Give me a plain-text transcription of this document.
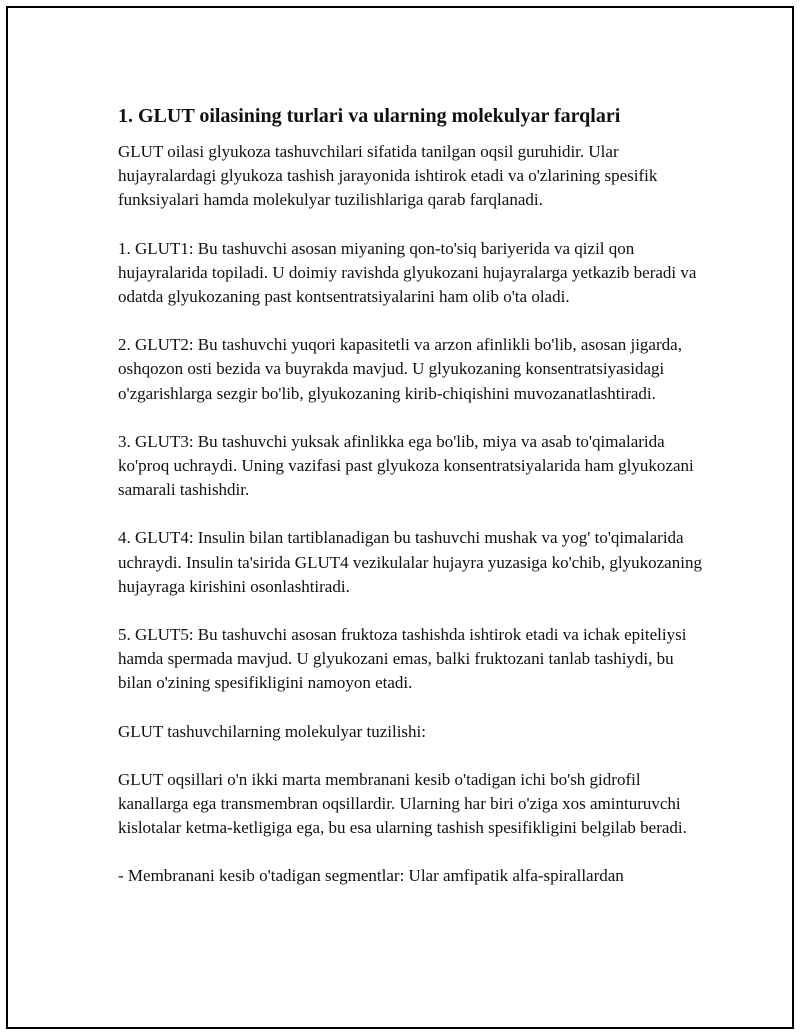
1. GLUT oilasining turlari va ularning molekulyar farqlari

GLUT oilasi glyukoza tashuvchilari sifatida tanilgan oqsil guruhidir. Ular hujayralardagi glyukoza tashish jarayonida ishtirok etadi va o'zlarining spesifik funksiyalari hamda molekulyar tuzilishlariga qarab farqlanadi.

1. GLUT1: Bu tashuvchi asosan miyaning qon-to'siq bariyerida va qizil qon hujayralarida topiladi. U doimiy ravishda glyukozani hujayralarga yetkazib beradi va odatda glyukozaning past kontsentratsiyalarini ham olib o'ta oladi.

2. GLUT2: Bu tashuvchi yuqori kapasitetli va arzon afinlikli bo'lib, asosan jigarda, oshqozon osti bezida va buyrakda mavjud. U glyukozaning konsentratsiyasidagi o'zgarishlarga sezgir bo'lib, glyukozaning kirib-chiqishini muvozanatlashtiradi.

3. GLUT3: Bu tashuvchi yuksak afinlikka ega bo'lib, miya va asab to'qimalarida ko'proq uchraydi. Uning vazifasi past glyukoza konsentratsiyalarida ham glyukozani samarali tashishdir.

4. GLUT4: Insulin bilan tartiblanadigan bu tashuvchi mushak va yog' to'qimalarida uchraydi. Insulin ta'sirida GLUT4 vezikulalar hujayra yuzasiga ko'chib, glyukozaning hujayraga kirishini osonlashtiradi.

5. GLUT5: Bu tashuvchi asosan fruktoza tashishda ishtirok etadi va ichak epiteliysi hamda spermada mavjud. U glyukozani emas, balki fruktozani tanlab tashiydi, bu bilan o'zining spesifikligini namoyon etadi.

GLUT tashuvchilarning molekulyar tuzilishi:

GLUT oqsillari o'n ikki marta membranani kesib o'tadigan ichi bo'sh gidrofil kanallarga ega transmembran oqsillardir. Ularning har biri o'ziga xos aminturuvchi kislotalar ketma-ketligiga ega, bu esa ularning tashish spesifikligini belgilab beradi.

- Membranani kesib o'tadigan segmentlar: Ular amfipatik alfa-spirallardan
